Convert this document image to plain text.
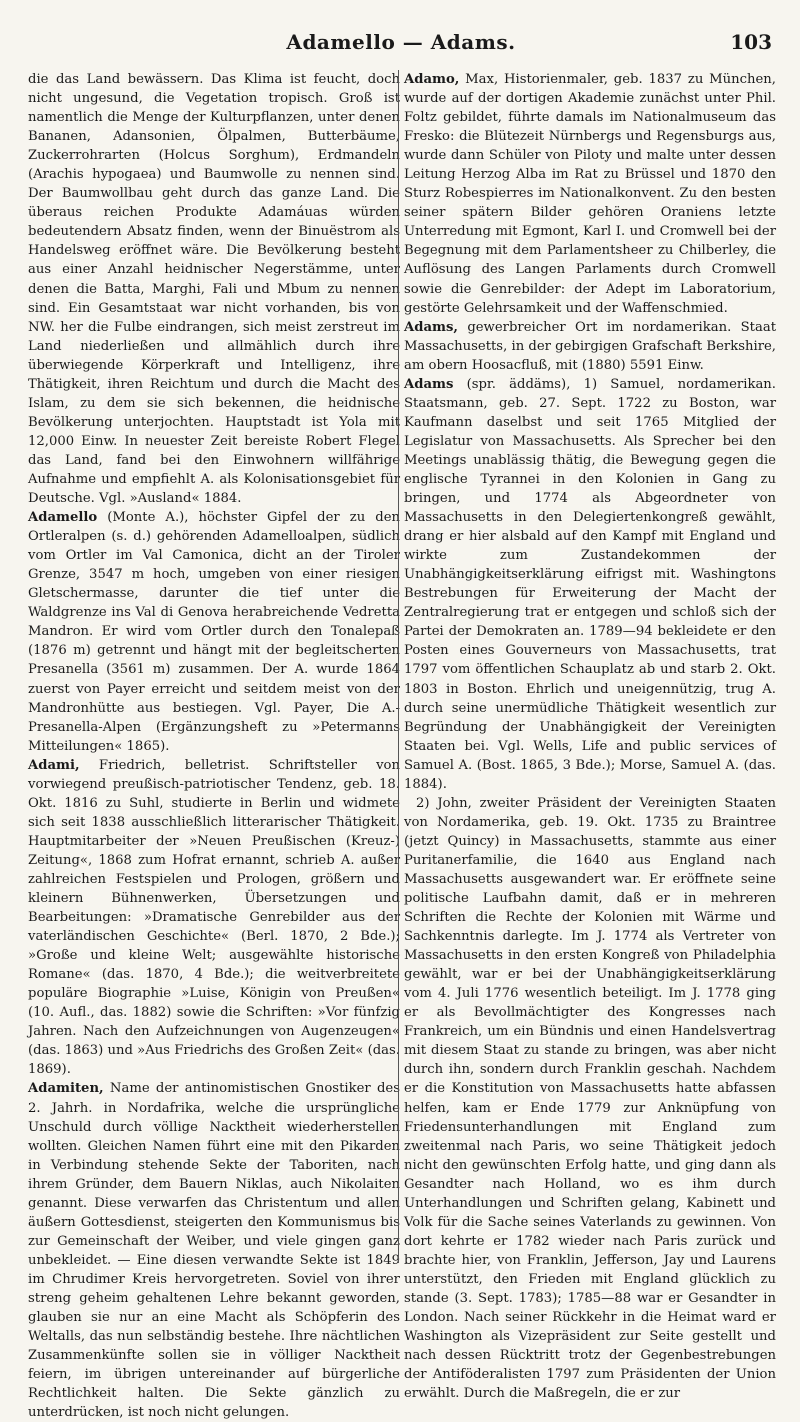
Adamello — Adams.	103

die das Land bewässern. Das Klima ist feucht, doch nicht ungesund, die Vegetation tropisch. Groß ist namentlich die Menge der Kulturpflanzen, unter denen Bananen, Adansonien, Ölpalmen, Butterbäume, Zuckerrohrarten (Holcus Sorghum), Erdmandeln (Arachis hypogaea) und Baumwolle zu nennen sind. Der Baumwollbau geht durch das ganze Land. Die überaus reichen Produkte Adamáuas würden bedeutendern Absatz finden, wenn der Binuëstrom als Handelsweg eröffnet wäre. Die Bevölkerung besteht aus einer Anzahl heidnischer Negerstämme, unter denen die Batta, Marghi, Fali und Mbum zu nennen sind. Ein Gesamtstaat war nicht vorhanden, bis von NW. her die Fulbe eindrangen, sich meist zerstreut im Land niederließen und allmählich durch ihre überwiegende Körperkraft und Intelligenz, ihre Thätigkeit, ihren Reichtum und durch die Macht des Islam, zu dem sie sich bekennen, die heidnische Bevölkerung unterjochten. Hauptstadt ist Yola mit 12,000 Einw. In neuester Zeit bereiste Robert Flegel das Land, fand bei den Einwohnern willfährige Aufnahme und empfiehlt A. als Kolonisationsgebiet für Deutsche. Vgl. »Ausland« 1884.

Adamello (Monte A.), höchster Gipfel der zu den Ortleralpen (s. d.) gehörenden Adamelloalpen, südlich vom Ortler im Val Camonica, dicht an der Tiroler Grenze, 3547 m hoch, umgeben von einer riesigen Gletschermasse, darunter die tief unter die Waldgrenze ins Val di Genova herabreichende Vedretta Mandron. Er wird vom Ortler durch den Tonalepaß (1876 m) getrennt und hängt mit der begleitscherten Presanella (3561 m) zusammen. Der A. wurde 1864 zuerst von Payer erreicht und seitdem meist von der Mandronhütte aus bestiegen. Vgl. Payer, Die A.-Presanella-Alpen (Ergänzungsheft zu »Petermanns Mitteilungen« 1865).

Adami, Friedrich, belletrist. Schriftsteller von vorwiegend preußisch-patriotischer Tendenz, geb. 18. Okt. 1816 zu Suhl, studierte in Berlin und widmete sich seit 1838 ausschließlich litterarischer Thätigkeit. Hauptmitarbeiter der »Neuen Preußischen (Kreuz-) Zeitung«, 1868 zum Hofrat ernannt, schrieb A. außer zahlreichen Festspielen und Prologen, größern und kleinern Bühnenwerken, Übersetzungen und Bearbeitungen: »Dramatische Genrebilder aus der vaterländischen Geschichte« (Berl. 1870, 2 Bde.); »Große und kleine Welt; ausgewählte historische Romane« (das. 1870, 4 Bde.); die weitverbreitete populäre Biographie »Luise, Königin von Preußen« (10. Aufl., das. 1882) sowie die Schriften: »Vor fünfzig Jahren. Nach den Aufzeichnungen von Augenzeugen« (das. 1863) und »Aus Friedrichs des Großen Zeit« (das. 1869).

Adamiten, Name der antinomistischen Gnostiker des 2. Jahrh. in Nordafrika, welche die ursprüngliche Unschuld durch völlige Nacktheit wiederherstellen wollten. Gleichen Namen führt eine mit den Pikarden in Verbindung stehende Sekte der Taboriten, nach ihrem Gründer, dem Bauern Niklas, auch Nikolaiten genannt. Diese verwarfen das Christentum und allen äußern Gottesdienst, steigerten den Kommunismus bis zur Gemeinschaft der Weiber, und viele gingen ganz unbekleidet. — Eine diesen verwandte Sekte ist 1849 im Chrudimer Kreis hervorgetreten. Soviel von ihrer streng geheim gehaltenen Lehre bekannt geworden, glauben sie nur an eine Macht als Schöpferin des Weltalls, das nun selbständig bestehe. Ihre nächtlichen Zusammenkünfte sollen sie in völliger Nacktheit feiern, im übrigen untereinander auf bürgerliche Rechtlichkeit halten. Die Sekte gänzlich zu unterdrücken, ist noch nicht gelungen.

Adamo, Max, Historienmaler, geb. 1837 zu München, wurde auf der dortigen Akademie zunächst unter Phil. Foltz gebildet, führte damals im Nationalmuseum das Fresko: die Blütezeit Nürnbergs und Regensburgs aus, wurde dann Schüler von Piloty und malte unter dessen Leitung Herzog Alba im Rat zu Brüssel und 1870 den Sturz Robespierres im Nationalkonvent. Zu den besten seiner spätern Bilder gehören Oraniens letzte Unterredung mit Egmont, Karl I. und Cromwell bei der Begegnung mit dem Parlamentsheer zu Chilberley, die Auflösung des Langen Parlaments durch Cromwell sowie die Genrebilder: der Adept im Laboratorium, gestörte Gelehrsamkeit und der Waffenschmied.

Adams, gewerbreicher Ort im nordamerikan. Staat Massachusetts, in der gebirgigen Grafschaft Berkshire, am obern Hoosacfluß, mit (1880) 5591 Einw.

Adams (spr. äddäms), 1) Samuel, nordamerikan. Staatsmann, geb. 27. Sept. 1722 zu Boston, war Kaufmann daselbst und seit 1765 Mitglied der Legislatur von Massachusetts. Als Sprecher bei den Meetings unablässig thätig, die Bewegung gegen die englische Tyrannei in den Kolonien in Gang zu bringen, und 1774 als Abgeordneter von Massachusetts in den Delegiertenkongreß gewählt, drang er hier alsbald auf den Kampf mit England und wirkte zum Zustandekommen der Unabhängigkeitserklärung eifrigst mit. Washingtons Bestrebungen für Erweiterung der Macht der Zentralregierung trat er entgegen und schloß sich der Partei der Demokraten an. 1789—94 bekleidete er den Posten eines Gouverneurs von Massachusetts, trat 1797 vom öffentlichen Schauplatz ab und starb 2. Okt. 1803 in Boston. Ehrlich und uneigennützig, trug A. durch seine unermüdliche Thätigkeit wesentlich zur Begründung der Unabhängigkeit der Vereinigten Staaten bei. Vgl. Wells, Life and public services of Samuel A. (Bost. 1865, 3 Bde.); Morse, Samuel A. (das. 1884).

2) John, zweiter Präsident der Vereinigten Staaten von Nordamerika, geb. 19. Okt. 1735 zu Braintree (jetzt Quincy) in Massachusetts, stammte aus einer Puritanerfamilie, die 1640 aus England nach Massachusetts ausgewandert war. Er eröffnete seine politische Laufbahn damit, daß er in mehreren Schriften die Rechte der Kolonien mit Wärme und Sachkenntnis darlegte. Im J. 1774 als Vertreter von Massachusetts in den ersten Kongreß von Philadelphia gewählt, war er bei der Unabhängigkeitserklärung vom 4. Juli 1776 wesentlich beteiligt. Im J. 1778 ging er als Bevollmächtigter des Kongresses nach Frankreich, um ein Bündnis und einen Handelsvertrag mit diesem Staat zu stande zu bringen, was aber nicht durch ihn, sondern durch Franklin geschah. Nachdem er die Konstitution von Massachusetts hatte abfassen helfen, kam er Ende 1779 zur Anknüpfung von Friedensunterhandlungen mit England zum zweitenmal nach Paris, wo seine Thätigkeit jedoch nicht den gewünschten Erfolg hatte, und ging dann als Gesandter nach Holland, wo es ihm durch Unterhandlungen und Schriften gelang, Kabinett und Volk für die Sache seines Vaterlands zu gewinnen. Von dort kehrte er 1782 wieder nach Paris zurück und brachte hier, von Franklin, Jefferson, Jay und Laurens unterstützt, den Frieden mit England glücklich zu stande (3. Sept. 1783); 1785—88 war er Gesandter in London. Nach seiner Rückkehr in die Heimat ward er Washington als Vizepräsident zur Seite gestellt und nach dessen Rücktritt trotz der Gegenbestrebungen der Antiföderalisten 1797 zum Präsidenten der Union erwählt. Durch die Maßregeln, die er zur
